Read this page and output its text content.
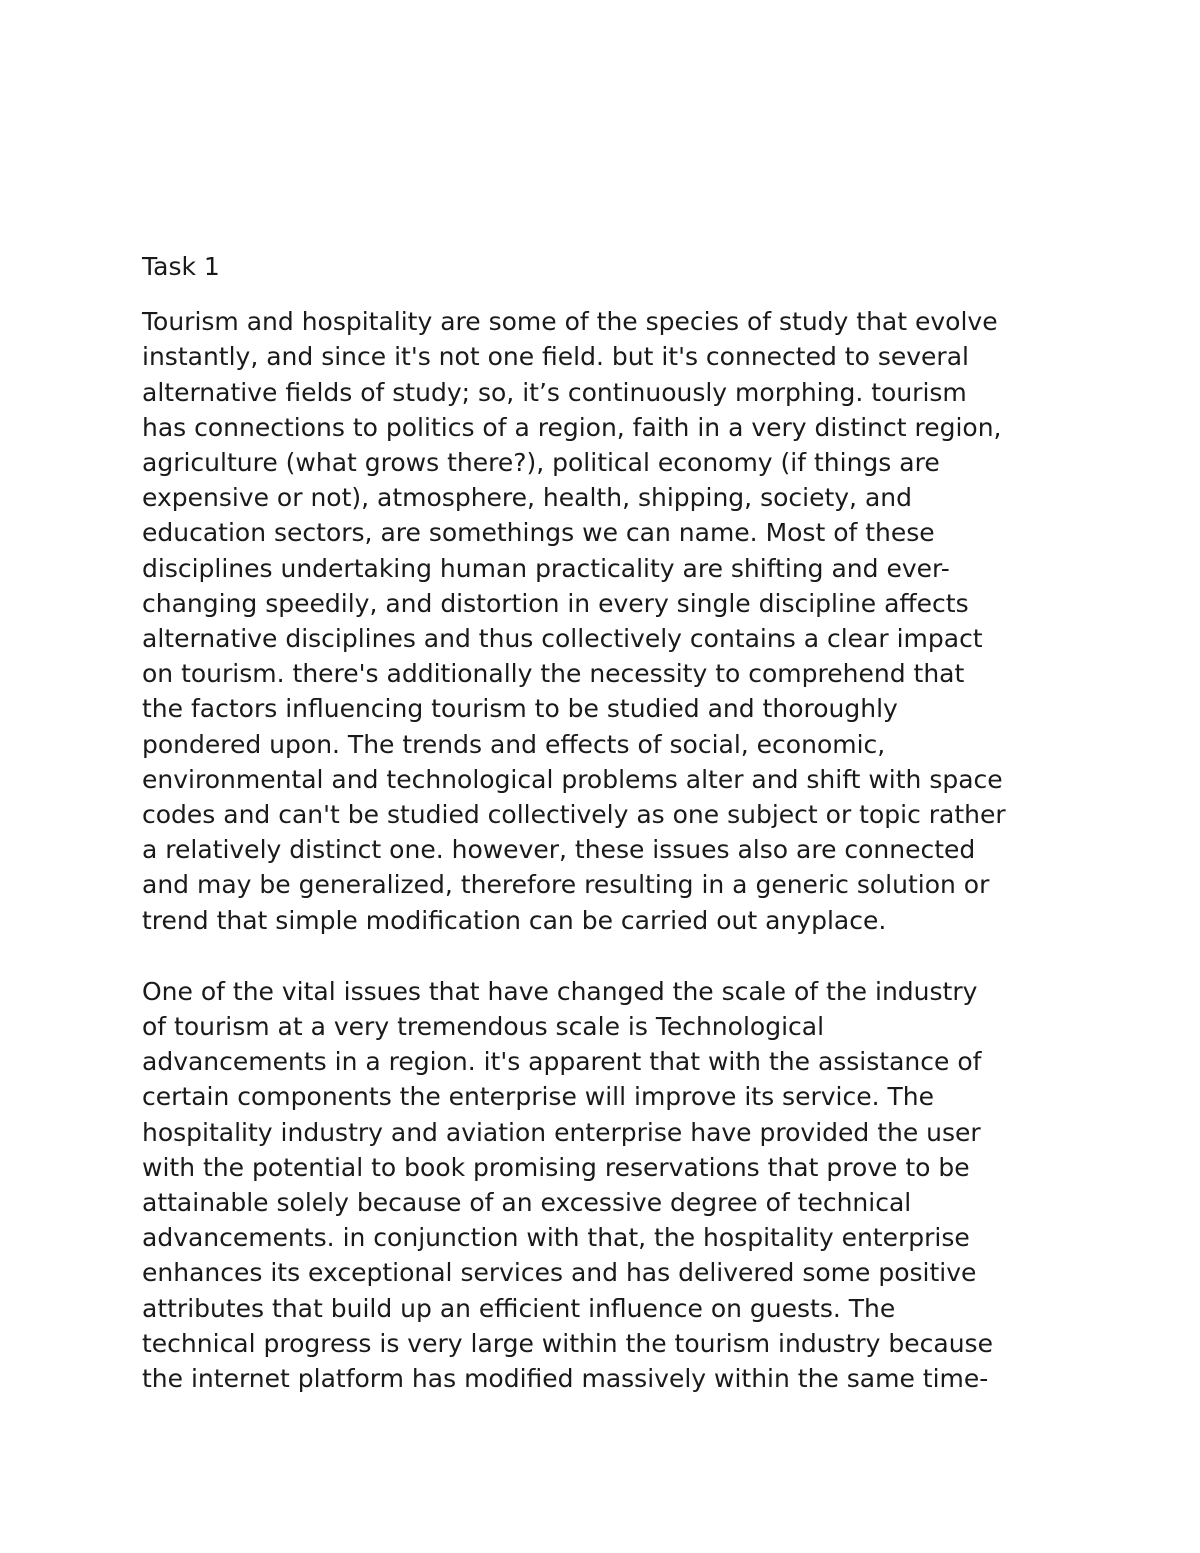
Task 1

Tourism and hospitality are some of the species of study that evolve
instantly, and since it's not one field. but it's connected to several
alternative fields of study; so, it’s continuously morphing. tourism
has connections to politics of a region, faith in a very distinct region,
agriculture (what grows there?), political economy (if things are
expensive or not), atmosphere, health, shipping, society, and
education sectors, are somethings we can name. Most of these
disciplines undertaking human practicality are shifting and ever-
changing speedily, and distortion in every single discipline affects
alternative disciplines and thus collectively contains a clear impact
on tourism. there's additionally the necessity to comprehend that
the factors influencing tourism to be studied and thoroughly
pondered upon. The trends and effects of social, economic,
environmental and technological problems alter and shift with space
codes and can't be studied collectively as one subject or topic rather
a relatively distinct one. however, these issues also are connected
and may be generalized, therefore resulting in a generic solution or
trend that simple modification can be carried out anyplace.

One of the vital issues that have changed the scale of the industry
of tourism at a very tremendous scale is Technological
advancements in a region. it's apparent that with the assistance of
certain components the enterprise will improve its service. The
hospitality industry and aviation enterprise have provided the user
with the potential to book promising reservations that prove to be
attainable solely because of an excessive degree of technical
advancements. in conjunction with that, the hospitality enterprise
enhances its exceptional services and has delivered some positive
attributes that build up an efficient influence on guests. The
technical progress is very large within the tourism industry because
the internet platform has modified massively within the same time-
